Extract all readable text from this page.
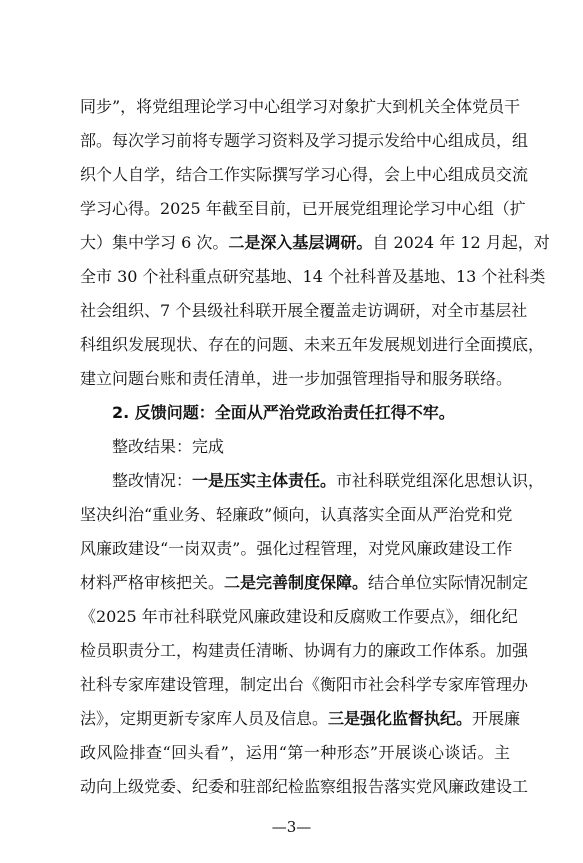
同步”，将党组理论学习中心组学习对象扩大到机关全体党员干
部。每次学习前将专题学习资料及学习提示发给中心组成员，组
织个人自学，结合工作实际撰写学习心得，会上中心组成员交流
学习心得。2025 年截至目前，已开展党组理论学习中心组（扩
大）集中学习 6 次。二是深入基层调研。自 2024 年 12 月起，对
全市 30 个社科重点研究基地、14 个社科普及基地、13 个社科类
社会组织、7 个县级社科联开展全覆盖走访调研，对全市基层社
科组织发展现状、存在的问题、未来五年发展规划进行全面摸底，
建立问题台账和责任清单，进一步加强管理指导和服务联络。
2. 反馈问题：全面从严治党政治责任扛得不牢。
整改结果：完成
整改情况：一是压实主体责任。市社科联党组深化思想认识，
坚决纠治“重业务、轻廉政”倾向，认真落实全面从严治党和党
风廉政建设“一岗双责”。强化过程管理，对党风廉政建设工作
材料严格审核把关。二是完善制度保障。结合单位实际情况制定
《2025 年市社科联党风廉政建设和反腐败工作要点》，细化纪
检员职责分工，构建责任清晰、协调有力的廉政工作体系。加强
社科专家库建设管理，制定出台《衡阳市社会科学专家库管理办
法》，定期更新专家库人员及信息。三是强化监督执纪。开展廉
政风险排查“回头看”，运用“第一种形态”开展谈心谈话。主
动向上级党委、纪委和驻部纪检监察组报告落实党风廉政建设工
—3—
